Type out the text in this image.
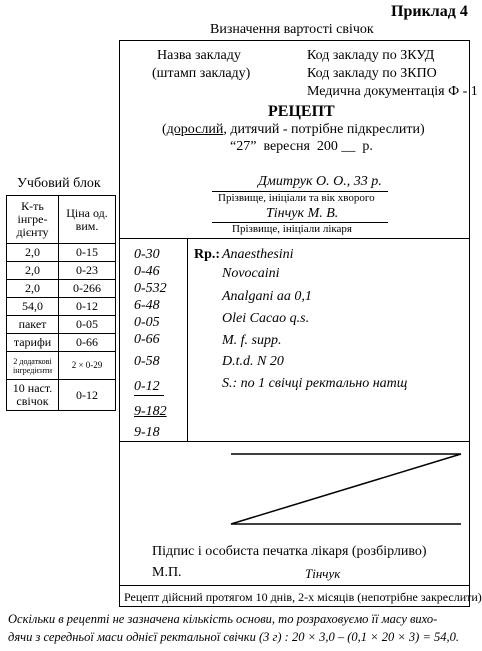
Приклад 4
Визначення вартості свічок
Назва закладу
(штамп закладу)
Код закладу по ЗКУД
Код закладу по ЗКПО
Медична документація Ф - 1
РЕЦЕПТ
(дорослий, дитячий - потрібне підкреслити)
“27” вересня 200 __ р.
Дмитрук О. О., 33 р.
Прізвище, ініціали та вік хворого
Тінчук М. В.
Прізвище, ініціали лікаря
0-30
0-46
0-532
6-48
0-05
0-66
0-58
0-12
9-182
9-18
Rp.: Anaesthesini
Novocaini
Analgani aa 0,1
Olei Cacao q.s.
M. f. supp.
D.t.d. N 20
S.: по 1 свічці ректально натщ
Підпис і особиста печатка лікаря (розбірливо)
М.П.	Тінчук
Рецепт дійсний протягом 10 днів, 2-х місяців (непотрібне закреслити)
Учбовий блок
К-ть інгре-дієнту	Ціна од. вим.
2,0	0-15
2,0	0-23
2,0	0-266
54,0	0-12
пакет	0-05
тарифи	0-66
2 додаткові інгредієнти	2 × 0-29
10 наст. свічок	0-12
Оскільки в рецепті не зазначена кількість основи, то розраховуємо її масу вихо-
дячи з середньої маси однієї ректальної свічки (3 г) : 20 × 3,0 – (0,1 × 20 × 3) = 54,0.
